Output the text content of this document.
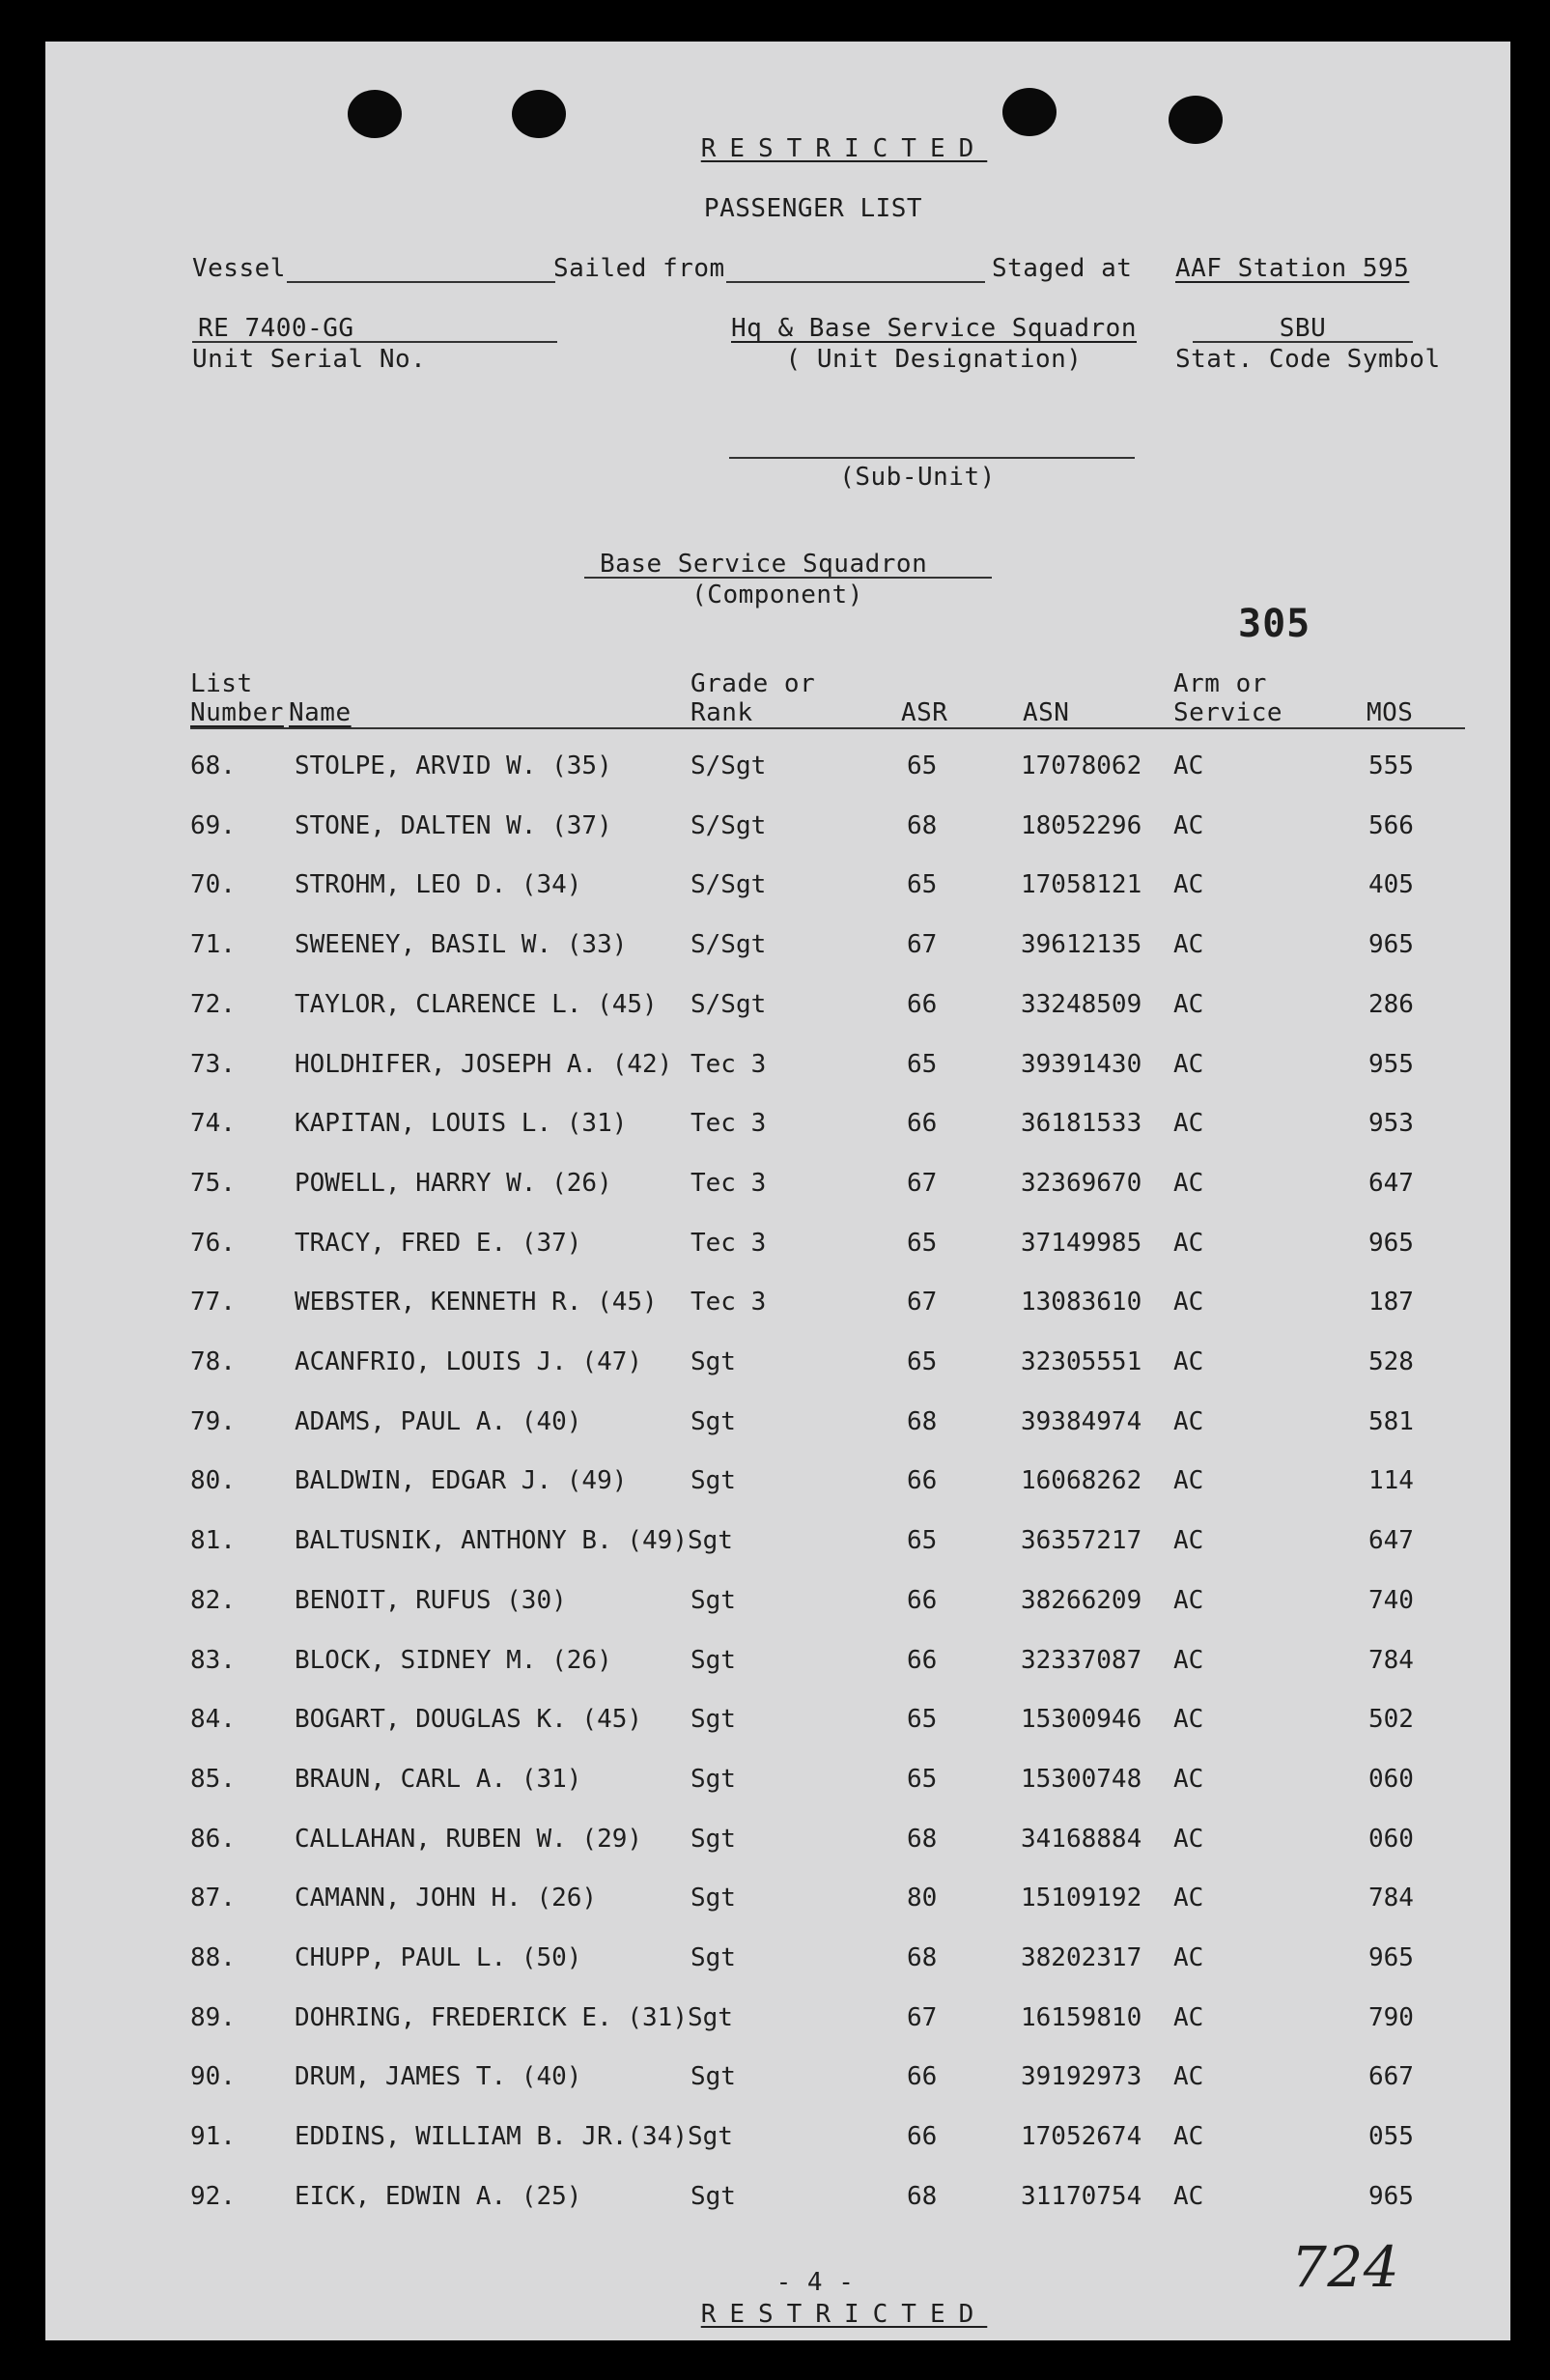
RESTRICTED
PASSENGER LIST
Vessel	Sailed from	Staged at AAF Station 595
RE 7400-GG
Unit Serial No.
Hq & Base Service Squadron
( Unit Designation)
SBU
Stat. Code Symbol
(Sub-Unit)
Base Service Squadron
(Component)
305
List
Number Name
Grade or
Rank	ASR	ASN
Arm or
Service	MOS
68. STOLPE, ARVID W. (35)	S/Sgt	65	17078062 AC	555
69. STONE, DALTEN W. (37)	S/Sgt	68	18052296 AC	566
70. STROHM, LEO D. (34)	S/Sgt	65	17058121 AC	405
71. SWEENEY, BASIL W. (33)	S/Sgt	67	39612135 AC	965
72. TAYLOR, CLARENCE L. (45) S/Sgt	66	33248509 AC	286
73. HOLDHIFER, JOSEPH A. (42) Tec 3	65	39391430 AC	955
74. KAPITAN, LOUIS L. (31)	Tec 3	66	36181533 AC	953
75. POWELL, HARRY W. (26)	Tec 3	67	32369670 AC	647
76. TRACY, FRED E. (37)	Tec 3	65	37149985 AC	965
77. WEBSTER, KENNETH R. (45) Tec 3	67	13083610 AC	187
78. ACANFRIO, LOUIS J. (47) Sgt	65	32305551 AC	528
79. ADAMS, PAUL A. (40)	Sgt	68	39384974 AC	581
80. BALDWIN, EDGAR J. (49)	Sgt	66	16068262 AC	114
81. BALTUSNIK, ANTHONY B. (49)Sgt	65	36357217 AC	647
82. BENOIT, RUFUS (30)	Sgt	66	38266209 AC	740
83. BLOCK, SIDNEY M. (26)	Sgt	66	32337087 AC	784
84. BOGART, DOUGLAS K. (45) Sgt	65	15300946 AC	502
85. BRAUN, CARL A. (31)	Sgt	65	15300748 AC	060
86. CALLAHAN, RUBEN W. (29) Sgt	68	34168884 AC	060
87. CAMANN, JOHN H. (26)	Sgt	80	15109192 AC	784
88. CHUPP, PAUL L. (50)	Sgt	68	38202317 AC	965
89. DOHRING, FREDERICK E. (31)Sgt	67	16159810 AC	790
90. DRUM, JAMES T. (40)	Sgt	66	39192973 AC	667
91. EDDINS, WILLIAM B. JR.(34)Sgt	66	17052674 AC	055
92. EICK, EDWIN A. (25)	Sgt	68	31170754 AC	965
- 4 -
RESTRICTED
724
